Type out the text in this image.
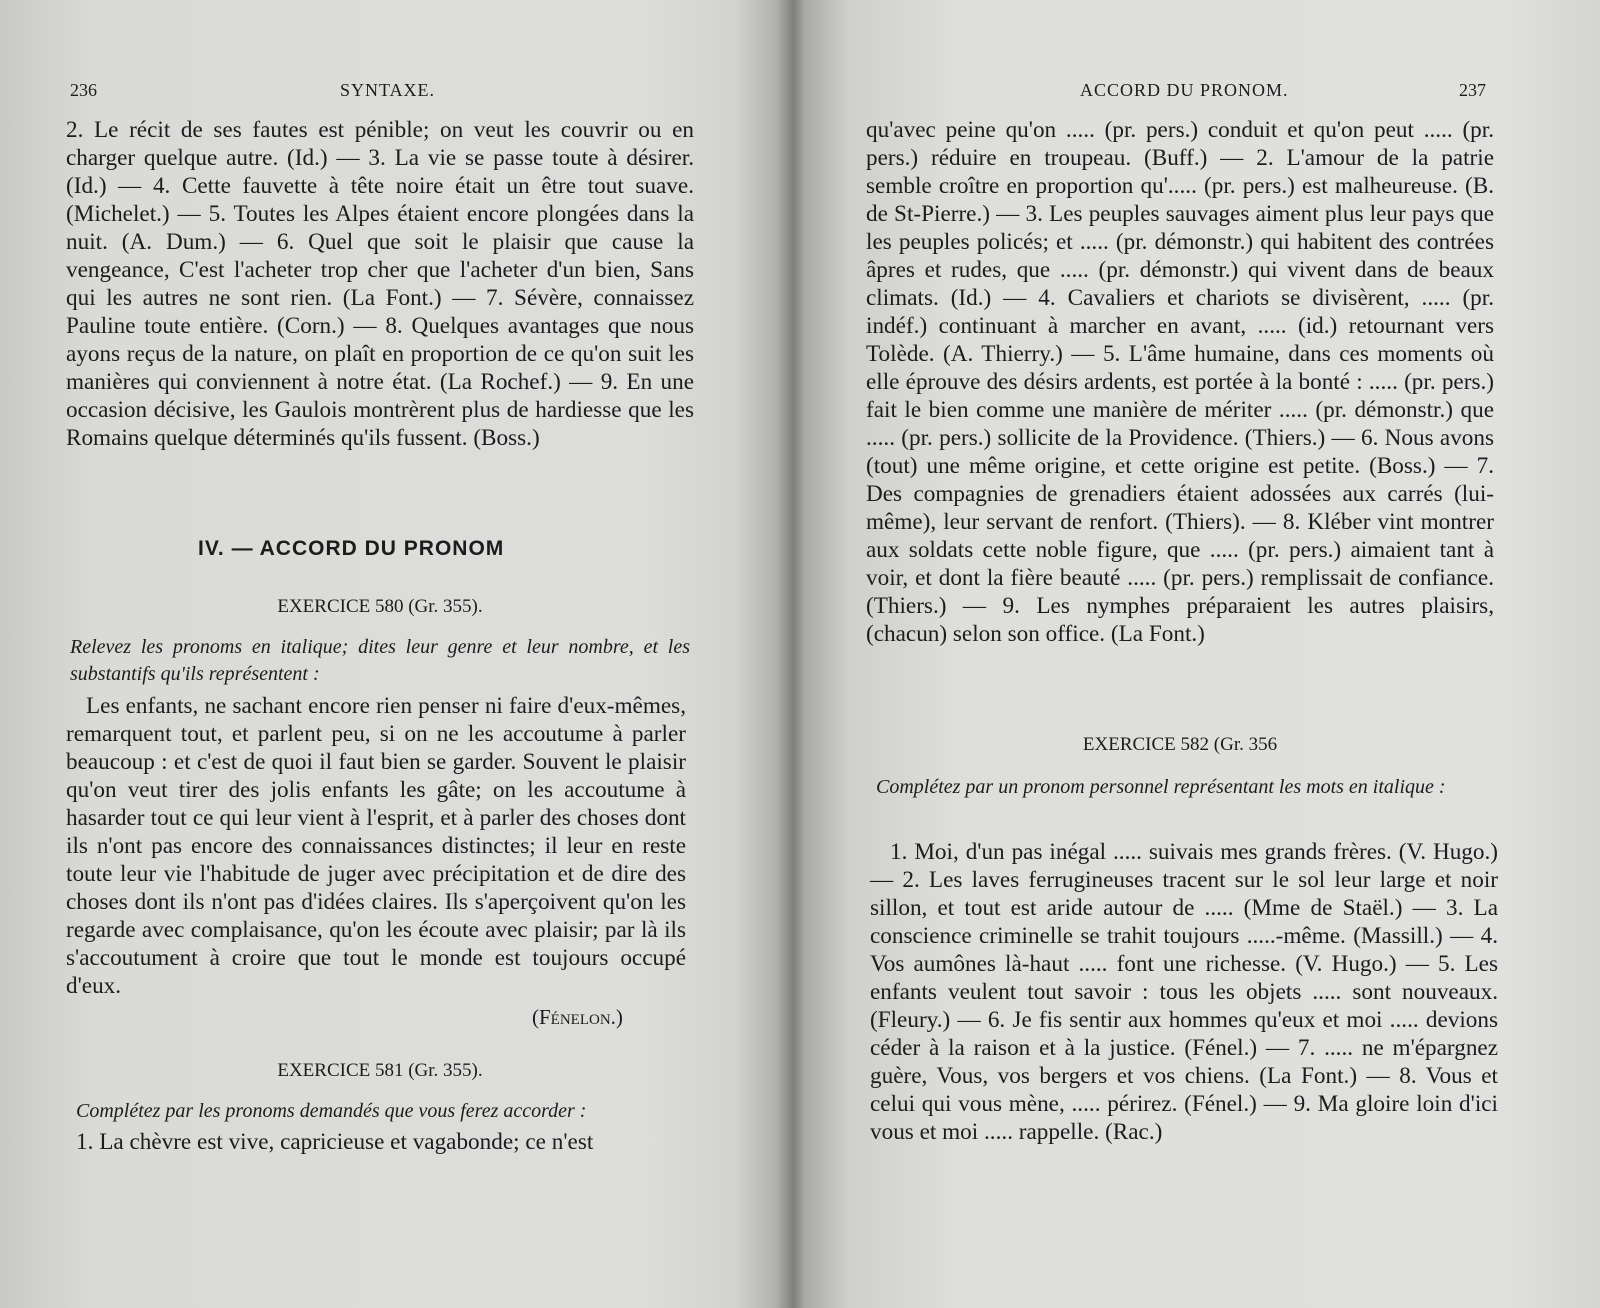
236	SYNTAXE.
2. Le récit de ses fautes est pénible; on veut les couvrir ou en charger quelque autre. (Id.) — 3. La vie se passe toute à désirer. (Id.) — 4. Cette fauvette à tête noire était un être tout suave. (Michelet.) — 5. Toutes les Alpes étaient encore plongées dans la nuit. (A. Dum.) — 6. Quel que soit le plaisir que cause la vengeance, C'est l'acheter trop cher que l'acheter d'un bien, Sans qui les autres ne sont rien. (La Font.) — 7. Sévère, connaissez Pauline toute entière. (Corn.) — 8. Quelques avantages que nous ayons reçus de la nature, on plaît en proportion de ce qu'on suit les manières qui conviennent à notre état. (La Rochef.) — 9. En une occasion décisive, les Gaulois montrèrent plus de hardiesse que les Romains quelque déterminés qu'ils fussent. (Boss.)
IV. — ACCORD DU PRONOM
EXERCICE 580 (Gr. 355).
Relevez les pronoms en italique; dites leur genre et leur nombre, et les substantifs qu'ils représentent :
Les enfants, ne sachant encore rien penser ni faire d'eux-mêmes, remarquent tout, et parlent peu, si on ne les accoutume à parler beaucoup : et c'est de quoi il faut bien se garder. Souvent le plaisir qu'on veut tirer des jolis enfants les gâte; on les accoutume à hasarder tout ce qui leur vient à l'esprit, et à parler des choses dont ils n'ont pas encore des connaissances distinctes; il leur en reste toute leur vie l'habitude de juger avec précipitation et de dire des choses dont ils n'ont pas d'idées claires. Ils s'aperçoivent qu'on les regarde avec complaisance, qu'on les écoute avec plaisir; par là ils s'accoutument à croire que tout le monde est toujours occupé d'eux.
(Fénelon.)
EXERCICE 581 (Gr. 355).
Complétez par les pronoms demandés que vous ferez accorder :
1. La chèvre est vive, capricieuse et vagabonde; ce n'est
ACCORD DU PRONOM.	237
qu'avec peine qu'on ..... (pr. pers.) conduit et qu'on peut ..... (pr. pers.) réduire en troupeau. (Buff.) — 2. L'amour de la patrie semble croître en proportion qu'..... (pr. pers.) est malheureuse. (B. de St-Pierre.) — 3. Les peuples sauvages aiment plus leur pays que les peuples policés; et ..... (pr. démonstr.) qui habitent des contrées âpres et rudes, que ..... (pr. démonstr.) qui vivent dans de beaux climats. (Id.) — 4. Cavaliers et chariots se divisèrent, ..... (pr. indéf.) continuant à marcher en avant, ..... (id.) retournant vers Tolède. (A. Thierry.) — 5. L'âme humaine, dans ces moments où elle éprouve des désirs ardents, est portée à la bonté : ..... (pr. pers.) fait le bien comme une manière de mériter ..... (pr. démonstr.) que ..... (pr. pers.) sollicite de la Providence. (Thiers.) — 6. Nous avons (tout) une même origine, et cette origine est petite. (Boss.) — 7. Des compagnies de grenadiers étaient adossées aux carrés (lui-même), leur servant de renfort. (Thiers). — 8. Kléber vint montrer aux soldats cette noble figure, que ..... (pr. pers.) aimaient tant à voir, et dont la fière beauté ..... (pr. pers.) remplissait de confiance. (Thiers.) — 9. Les nymphes préparaient les autres plaisirs, (chacun) selon son office. (La Font.)
EXERCICE 582 (Gr. 356
Complétez par un pronom personnel représentant les mots en italique :
1. Moi, d'un pas inégal ..... suivais mes grands frères. (V. Hugo.) — 2. Les laves ferrugineuses tracent sur le sol leur large et noir sillon, et tout est aride autour de ..... (Mme de Staël.) — 3. La conscience criminelle se trahit toujours .....-même. (Massill.) — 4. Vos aumônes là-haut ..... font une richesse. (V. Hugo.) — 5. Les enfants veulent tout savoir : tous les objets ..... sont nouveaux. (Fleury.) — 6. Je fis sentir aux hommes qu'eux et moi ..... devions céder à la raison et à la justice. (Fénel.) — 7. ..... ne m'épargnez guère, Vous, vos bergers et vos chiens. (La Font.) — 8. Vous et celui qui vous mène, ..... périrez. (Fénel.) — 9. Ma gloire loin d'ici vous et moi ..... rappelle. (Rac.)
